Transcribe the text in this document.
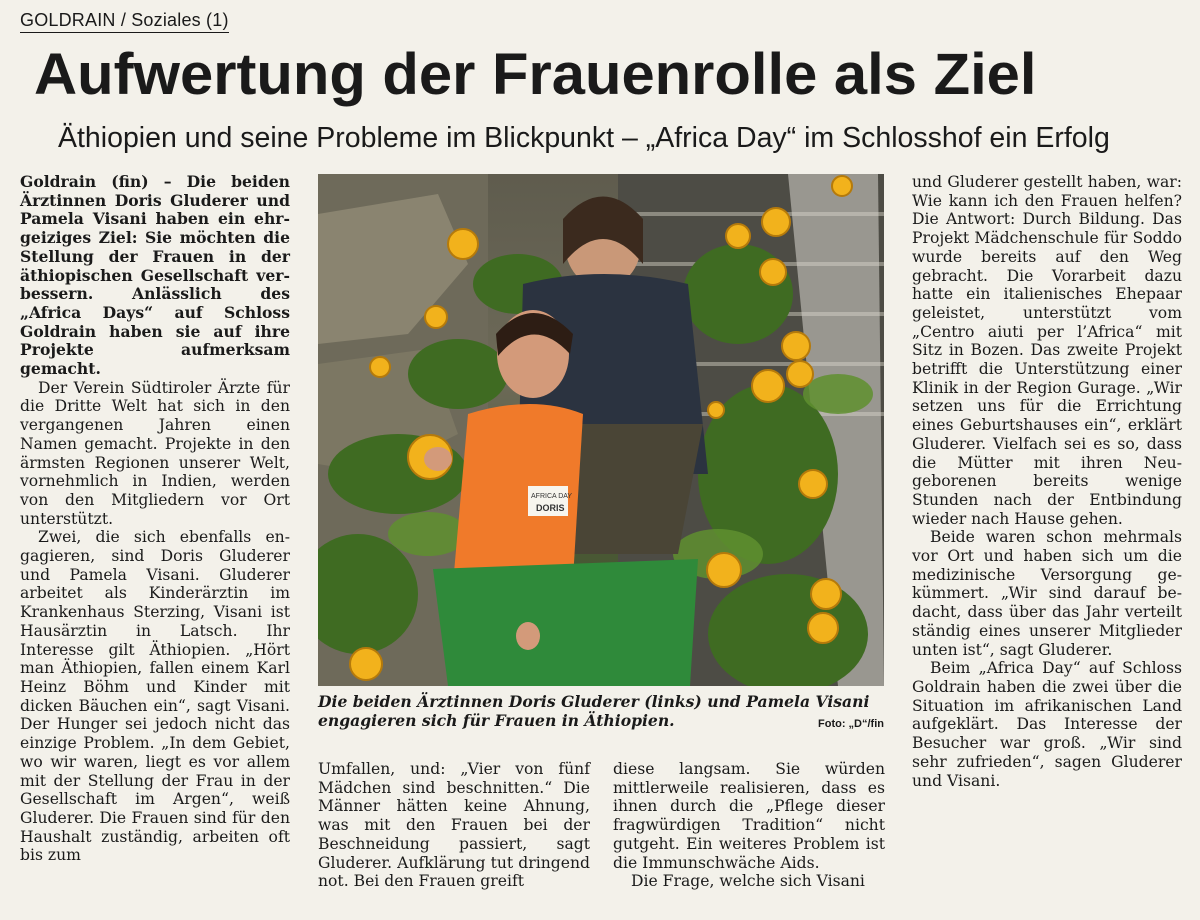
GOLDRAIN / Soziales (1)
Aufwertung der Frauenrolle als Ziel
Äthiopien und seine Probleme im Blickpunkt – „Africa Day“ im Schlosshof ein Erfolg

Goldrain (fin) – Die beiden Ärztinnen Doris Gluderer und Pamela Visani haben ein ehrgeiziges Ziel: Sie möchten die Stellung der Frauen in der äthiopischen Gesellschaft verbessern. Anlässlich des „Africa Days“ auf Schloss Goldrain haben sie auf ihre Projekte aufmerksam gemacht.

Der Verein Südtiroler Ärzte für die Dritte Welt hat sich in den vergangenen Jahren einen Namen gemacht. Projekte in den ärmsten Regionen unserer Welt, vornehmlich in Indien, werden von den Mitgliedern vor Ort unterstützt.

Zwei, die sich ebenfalls engagieren, sind Doris Gluderer und Pamela Visani. Gluderer arbeitet als Kinderärztin im Krankenhaus Sterzing, Visani ist Hausärztin in Latsch. Ihr Interesse gilt Äthiopien. „Hört man Äthiopien, fallen einem Karl Heinz Böhm und Kinder mit dicken Bäuchen ein“, sagt Visani. Der Hunger sei jedoch nicht das einzige Problem. „In dem Gebiet, wo wir waren, liegt es vor allem mit der Stellung der Frau in der Gesellschaft im Argen“, weiß Gluderer. Die Frauen sind für den Haushalt zuständig, arbeiten oft bis zum

AFRICA DAY
DORIS
Die beiden Ärztinnen Doris Gluderer (links) und Pamela Visani engagieren sich für Frauen in Äthiopien.	Foto: „D“/fin

Umfallen, und: „Vier von fünf Mädchen sind beschnitten.“ Die Männer hätten keine Ahnung, was mit den Frauen bei der Beschneidung passiert, sagt Gluderer. Aufklärung tut dringend not. Bei den Frauen greift

diese langsam. Sie würden mittlerweile realisieren, dass es ihnen durch die „Pflege dieser fragwürdigen Tradition“ nicht gutgeht. Ein weiteres Problem ist die Immunschwäche Aids.

Die Frage, welche sich Visani

und Gluderer gestellt haben, war: Wie kann ich den Frauen helfen? Die Antwort: Durch Bildung. Das Projekt Mädchenschule für Soddo wurde bereits auf den Weg gebracht. Die Vorarbeit dazu hatte ein italienisches Ehepaar geleistet, unterstützt vom „Centro aiuti per l’Africa“ mit Sitz in Bozen. Das zweite Projekt betrifft die Unterstützung einer Klinik in der Region Gurage. „Wir setzen uns für die Errichtung eines Geburtshauses ein“, erklärt Gluderer. Vielfach sei es so, dass die Mütter mit ihren Neugeborenen bereits wenige Stunden nach der Entbindung wieder nach Hause gehen.

Beide waren schon mehrmals vor Ort und haben sich um die medizinische Versorgung gekümmert. „Wir sind darauf bedacht, dass über das Jahr verteilt ständig eines unserer Mitglieder unten ist“, sagt Gluderer.

Beim „Africa Day“ auf Schloss Goldrain haben die zwei über die Situation im afrikanischen Land aufgeklärt. Das Interesse der Besucher war groß. „Wir sind sehr zufrieden“, sagen Gluderer und Visani.
